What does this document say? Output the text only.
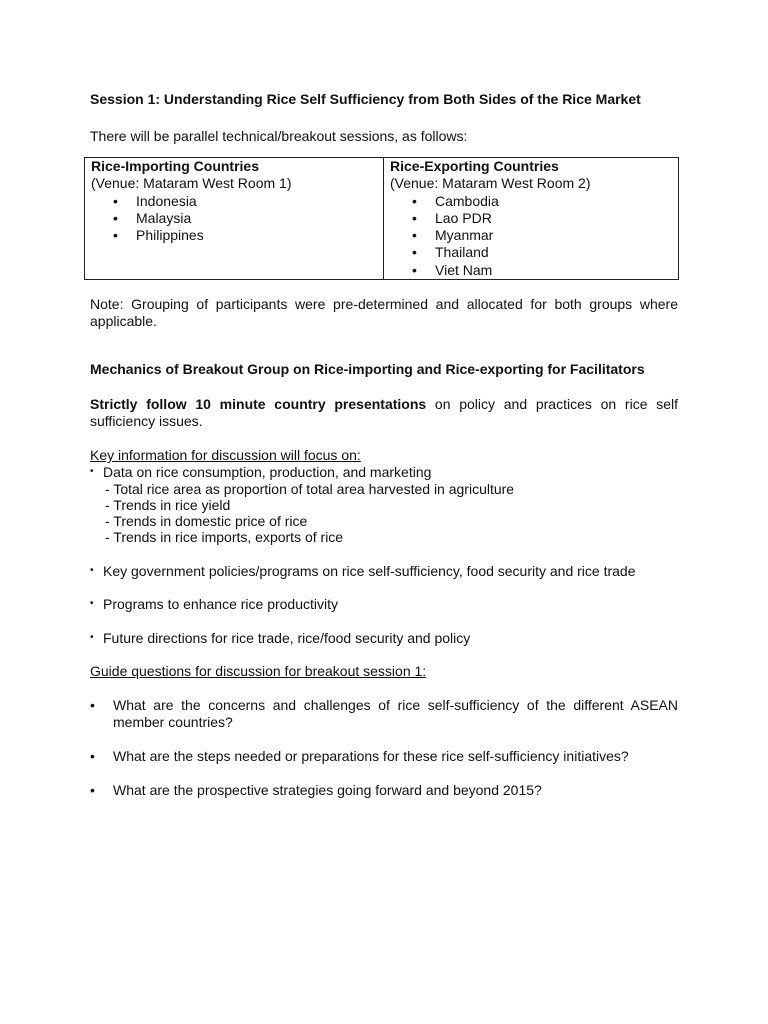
Session 1: Understanding Rice Self Sufficiency from Both Sides of the Rice Market

There will be parallel technical/breakout sessions, as follows:

Rice-Importing Countries
(Venue: Mataram West Room 1)
• Indonesia
• Malaysia
• Philippines

Rice-Exporting Countries
(Venue: Mataram West Room 2)
• Cambodia
• Lao PDR
• Myanmar
• Thailand
• Viet Nam

Note: Grouping of participants were pre-determined and allocated for both groups where applicable.

Mechanics of Breakout Group on Rice-importing and Rice-exporting for Facilitators

Strictly follow 10 minute country presentations on policy and practices on rice self sufficiency issues.

Key information for discussion will focus on:

• Data on rice consumption, production, and marketing
- Total rice area as proportion of total area harvested in agriculture
- Trends in rice yield
- Trends in domestic price of rice
- Trends in rice imports, exports of rice
• Key government policies/programs on rice self-sufficiency, food security and rice trade
• Programs to enhance rice productivity
• Future directions for rice trade, rice/food security and policy

Guide questions for discussion for breakout session 1:

• What are the concerns and challenges of rice self-sufficiency of the different ASEAN member countries?
• What are the steps needed or preparations for these rice self-sufficiency initiatives?
• What are the prospective strategies going forward and beyond 2015?
